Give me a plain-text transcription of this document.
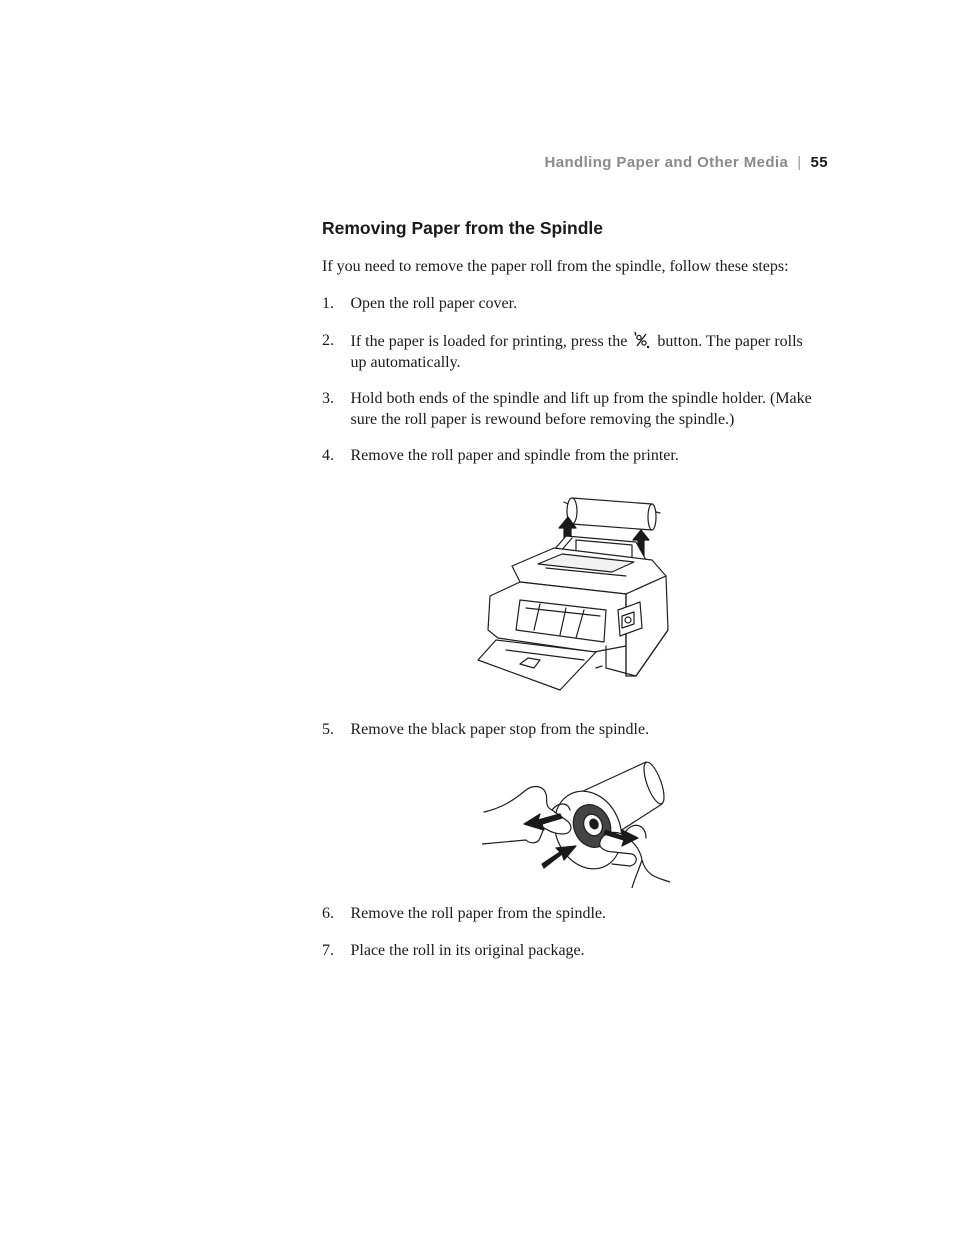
Handling Paper and Other Media | 55
Removing Paper from the Spindle

If you need to remove the paper roll from the spindle, follow these steps:

1. Open the roll paper cover.
2. If the paper is loaded for printing, press the button. The paper rolls up automatically.
3. Hold both ends of the spindle and lift up from the spindle holder. (Make sure the roll paper is rewound before removing the spindle.)
4. Remove the roll paper and spindle from the printer.
5. Remove the black paper stop from the spindle.
6. Remove the roll paper from the spindle.
7. Place the roll in its original package.
